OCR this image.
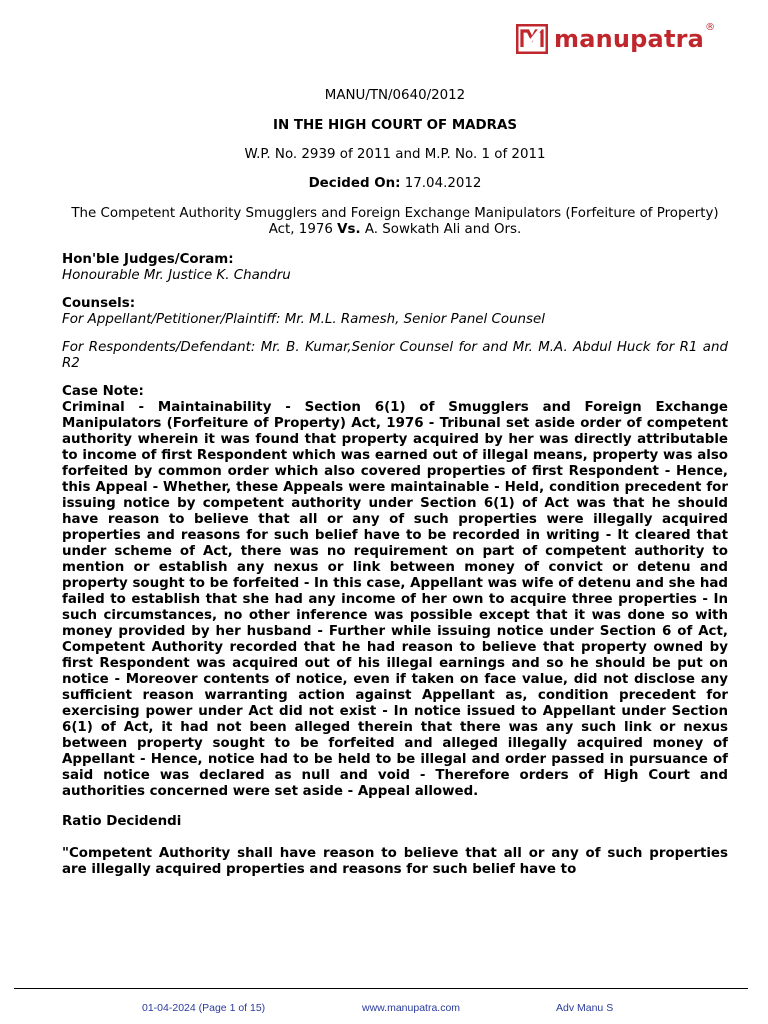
manupatra ®
MANU/TN/0640/2012
IN THE HIGH COURT OF MADRAS
W.P. No. 2939 of 2011 and M.P. No. 1 of 2011
Decided On: 17.04.2012
The Competent Authority Smugglers and Foreign Exchange Manipulators (Forfeiture of Property) Act, 1976 Vs. A. Sowkath Ali and Ors.
Hon'ble Judges/Coram:
Honourable Mr. Justice K. Chandru
Counsels:
For Appellant/Petitioner/Plaintiff: Mr. M.L. Ramesh, Senior Panel Counsel
For Respondents/Defendant: Mr. B. Kumar,Senior Counsel for and Mr. M.A. Abdul Huck for R1 and R2
Case Note:
Criminal - Maintainability - Section 6(1) of Smugglers and Foreign Exchange Manipulators (Forfeiture of Property) Act, 1976 - Tribunal set aside order of competent authority wherein it was found that property acquired by her was directly attributable to income of first Respondent which was earned out of illegal means, property was also forfeited by common order which also covered properties of first Respondent - Hence, this Appeal - Whether, these Appeals were maintainable - Held, condition precedent for issuing notice by competent authority under Section 6(1) of Act was that he should have reason to believe that all or any of such properties were illegally acquired properties and reasons for such belief have to be recorded in writing - It cleared that under scheme of Act, there was no requirement on part of competent authority to mention or establish any nexus or link between money of convict or detenu and property sought to be forfeited - In this case, Appellant was wife of detenu and she had failed to establish that she had any income of her own to acquire three properties - In such circumstances, no other inference was possible except that it was done so with money provided by her husband - Further while issuing notice under Section 6 of Act, Competent Authority recorded that he had reason to believe that property owned by first Respondent was acquired out of his illegal earnings and so he should be put on notice - Moreover contents of notice, even if taken on face value, did not disclose any sufficient reason warranting action against Appellant as, condition precedent for exercising power under Act did not exist - In notice issued to Appellant under Section 6(1) of Act, it had not been alleged therein that there was any such link or nexus between property sought to be forfeited and alleged illegally acquired money of Appellant - Hence, notice had to be held to be illegal and order passed in pursuance of said notice was declared as null and void - Therefore orders of High Court and authorities concerned were set aside - Appeal allowed.
Ratio Decidendi
"Competent Authority shall have reason to believe that all or any of such properties are illegally acquired properties and reasons for such belief have to
01-04-2024 (Page 1 of 15)	www.manupatra.com	Adv Manu S
